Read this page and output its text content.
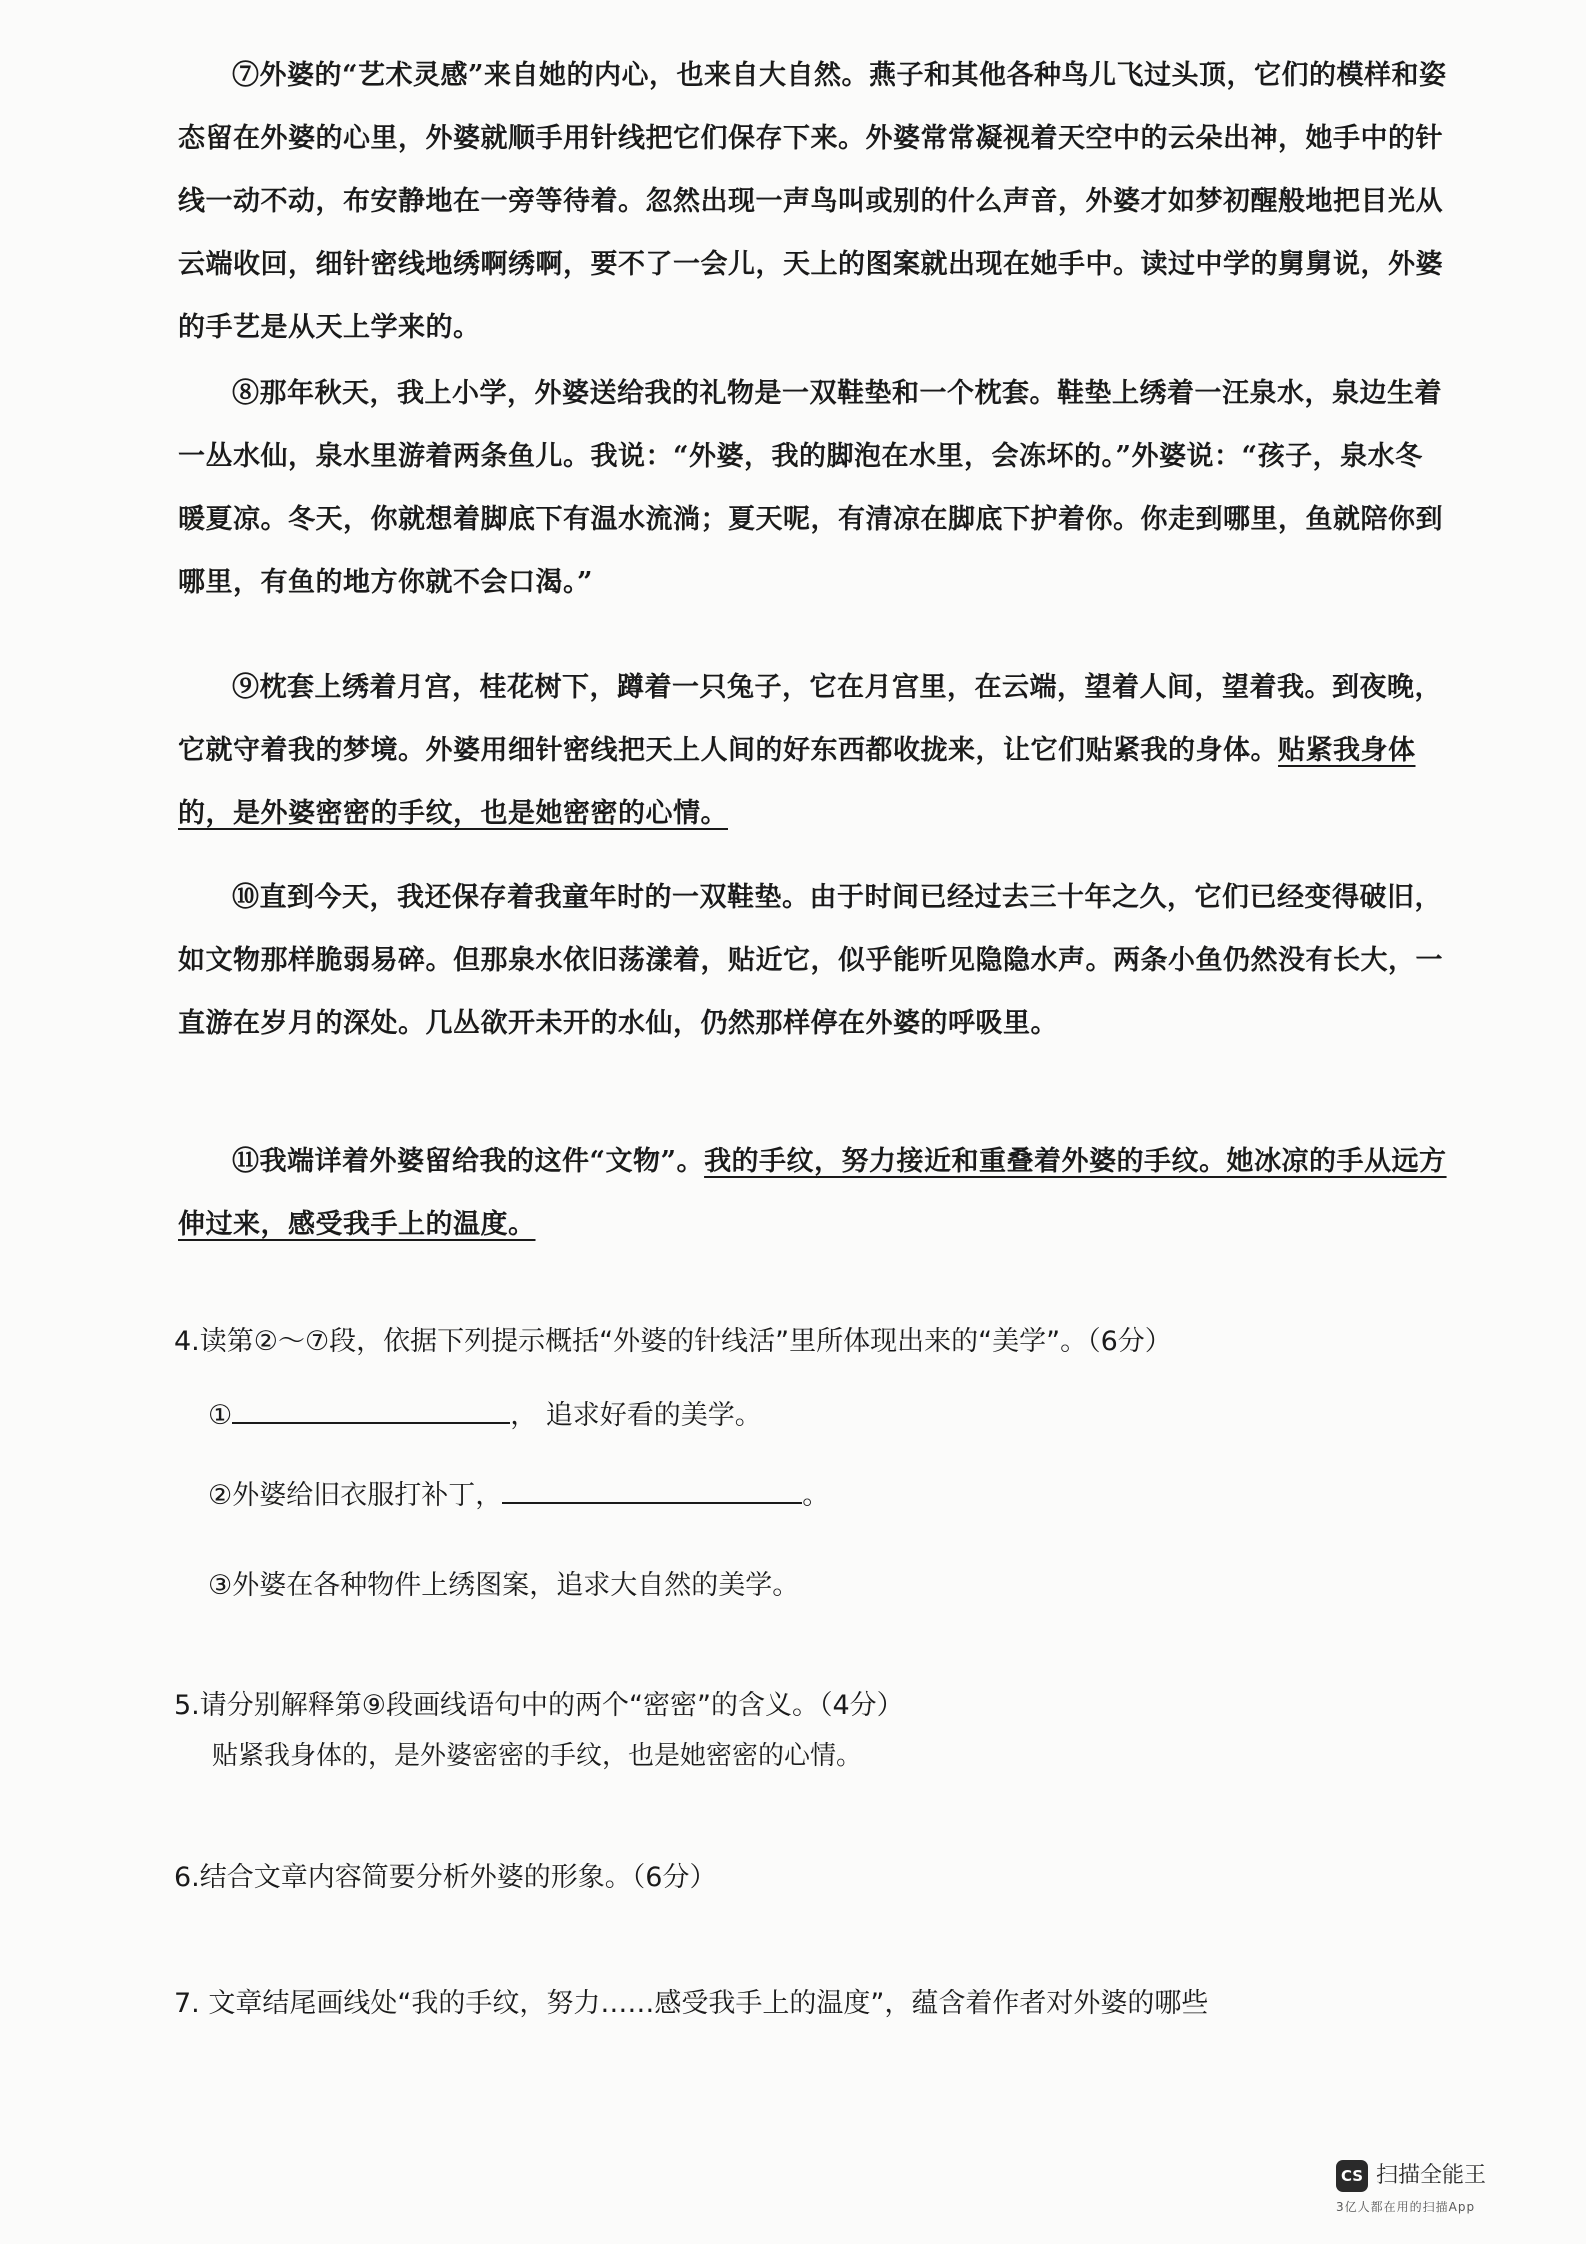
⑦外婆的“艺术灵感”来自她的内心，也来自大自然。燕子和其他各种鸟儿飞过头顶，它们的模样和姿态留在外婆的心里，外婆就顺手用针线把它们保存下来。外婆常常凝视着天空中的云朵出神，她手中的针线一动不动，布安静地在一旁等待着。忽然出现一声鸟叫或别的什么声音，外婆才如梦初醒般地把目光从云端收回，细针密线地绣啊绣啊，要不了一会儿，天上的图案就出现在她手中。读过中学的舅舅说，外婆的手艺是从天上学来的。

⑧那年秋天，我上小学，外婆送给我的礼物是一双鞋垫和一个枕套。鞋垫上绣着一汪泉水，泉边生着一丛水仙，泉水里游着两条鱼儿。我说：“外婆，我的脚泡在水里，会冻坏的。”外婆说：“孩子，泉水冬暖夏凉。冬天，你就想着脚底下有温水流淌；夏天呢，有清凉在脚底下护着你。你走到哪里，鱼就陪你到哪里，有鱼的地方你就不会口渴。”

⑨枕套上绣着月宫，桂花树下，蹲着一只兔子，它在月宫里，在云端，望着人间，望着我。到夜晚，它就守着我的梦境。外婆用细针密线把天上人间的好东西都收拢来，让它们贴紧我的身体。贴紧我身体的，是外婆密密的手纹，也是她密密的心情。

⑩直到今天，我还保存着我童年时的一双鞋垫。由于时间已经过去三十年之久，它们已经变得破旧，如文物那样脆弱易碎。但那泉水依旧荡漾着，贴近它，似乎能听见隐隐水声。两条小鱼仍然没有长大，一直游在岁月的深处。几丛欲开未开的水仙，仍然那样停在外婆的呼吸里。

⑪我端详着外婆留给我的这件“文物”。我的手纹，努力接近和重叠着外婆的手纹。她冰凉的手从远方伸过来，感受我手上的温度。

4.读第②～⑦段，依据下列提示概括“外婆的针线活”里所体现出来的“美学”。（6分）

①	， 追求好看的美学。

②外婆给旧衣服打补丁，	。

③外婆在各种物件上绣图案，追求大自然的美学。

5.请分别解释第⑨段画线语句中的两个“密密”的含义。（4分）

贴紧我身体的，是外婆密密的手纹，也是她密密的心情。

6.结合文章内容简要分析外婆的形象。（6分）

7. 文章结尾画线处“我的手纹，努力……感受我手上的温度”，蕴含着作者对外婆的哪些

CS 扫描全能王
3亿人都在用的扫描App
